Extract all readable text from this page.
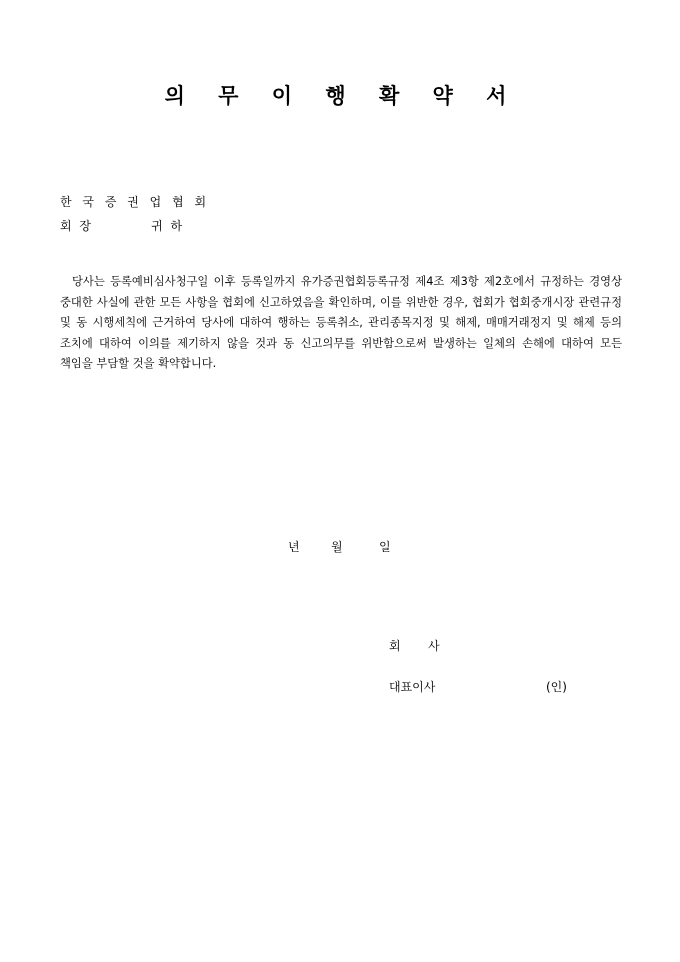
의 무 이 행 확 약 서
한 국 증 권 업 협 회
회 장          귀 하

당사는 등록예비심사청구일 이후 등록일까지 유가증권협회등록규정 제4조 제3항 제2호에서 규정하는 경영상 중대한 사실에 관한 모든 사항을 협회에 신고하였음을 확인하며, 이를 위반한 경우, 협회가 협회중개시장 관련규정 및 동 시행세칙에 근거하여 당사에 대하여 행하는 등록취소, 관리종목지정 및 해제, 매매거래정지 및 해제 등의 조치에 대하여 이의를 제기하지 않을 것과 동 신고의무를 위반함으로써 발생하는 일체의 손해에 대하여 모든 책임을 부담할 것을 확약합니다.

년	월	일
회   사
대표이사	(인)
